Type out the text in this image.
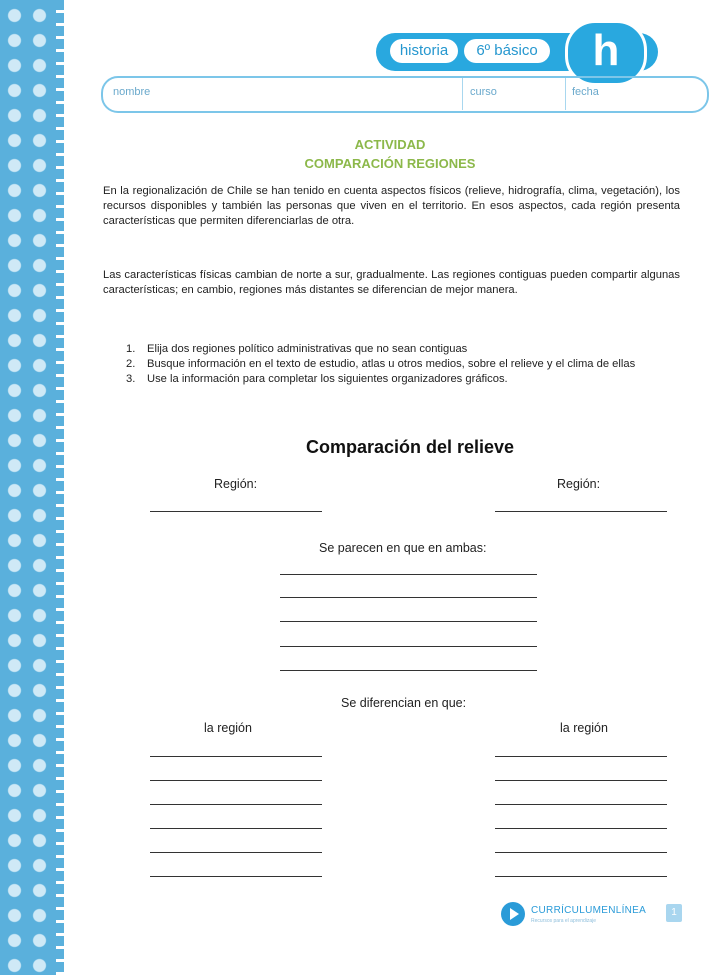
historia	6º básico	h
nombre	curso	fecha
ACTIVIDAD
COMPARACIÓN REGIONES

En la regionalización de Chile se han tenido en cuenta aspectos físicos (relieve, hidrografía, clima, vegetación), los recursos disponibles y también las personas que viven en el territorio. En esos aspectos, cada región presenta características que permiten diferenciarlas de otra.

Las características físicas cambian de norte a sur, gradualmente. Las regiones contiguas pueden compartir algunas características; en cambio, regiones más distantes se diferencian de mejor manera.

1. Elija dos regiones político administrativas que no sean contiguas
2. Busque información en el texto de estudio, atlas u otros medios, sobre el relieve y el clima de ellas
3. Use la información para completar los siguientes organizadores gráficos.
Comparación del relieve
Región:	Región:
Se parecen en que en ambas:
Se diferencian en que:
la región	la región
CURRÍCULUMENLÍNEA
Recursos para el aprendizaje
1
